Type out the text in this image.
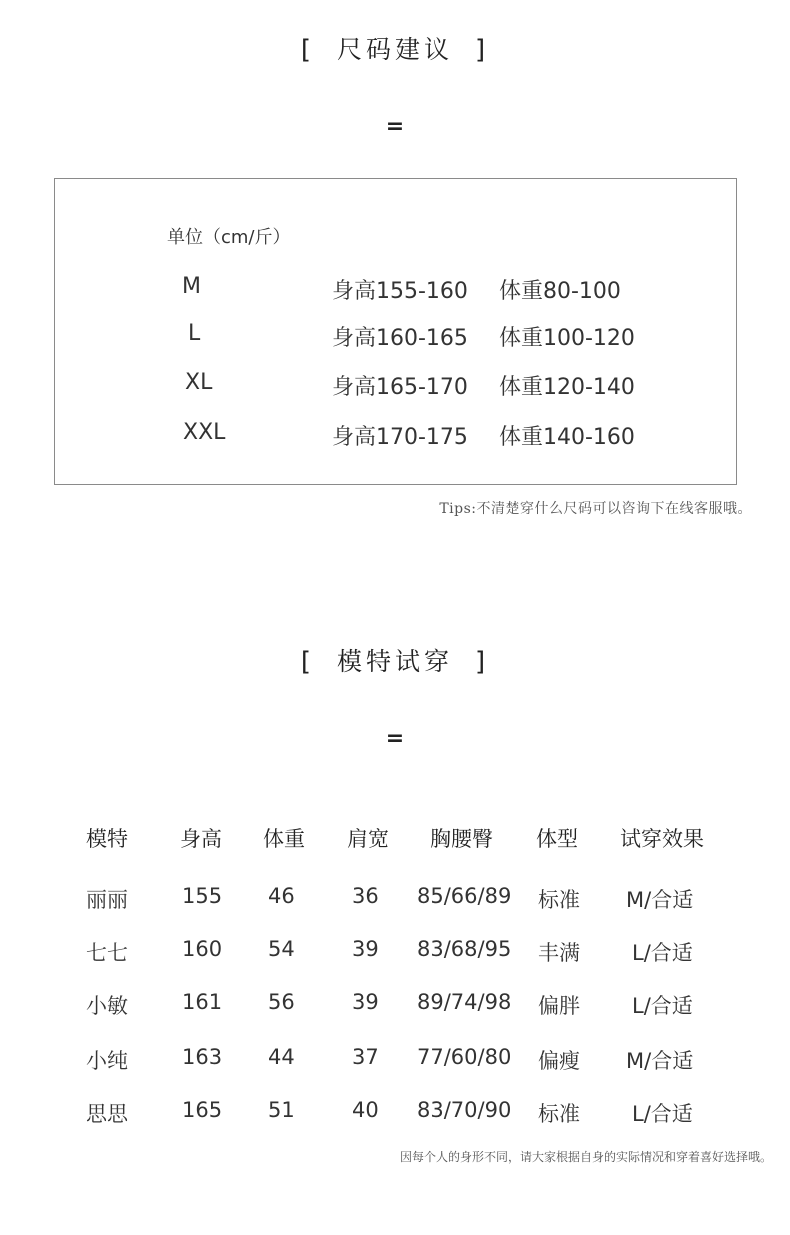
[ 尺码建议 ]
=
单位（cm/斤）
M	身高155-160 体重80-100
L	身高160-165 体重100-120
XL	身高165-170 体重120-140
XXL	身高170-175 体重140-160
Tips:不清楚穿什么尺码可以咨询下在线客服哦。
[ 模特试穿 ]
=
模特 身高 体重 肩宽 胸腰臀 体型 试穿效果
丽丽	155 46	36 85/66/89 标准 M/合适
七七	160 54	39 83/68/95 丰满 L/合适
小敏	161 56	39 89/74/98 偏胖 L/合适
小纯	163 44	37 77/60/80 偏瘦 M/合适
思思	165 51	40 83/70/90 标准 L/合适
因每个人的身形不同，请大家根据自身的实际情况和穿着喜好选择哦。
